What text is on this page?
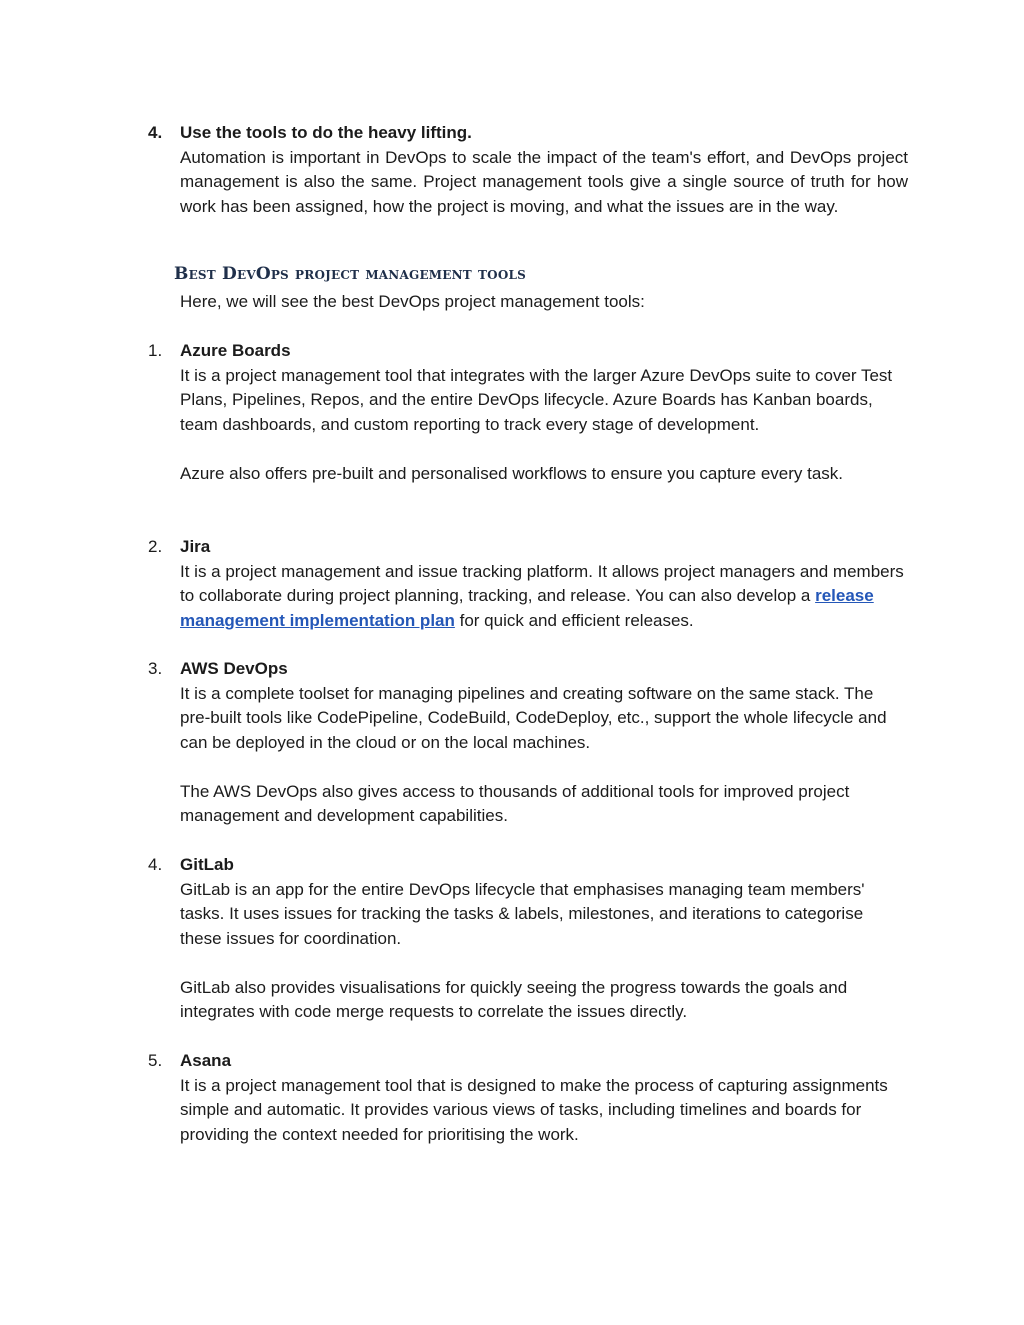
4.	Use the tools to do the heavy lifting.

Automation is important in DevOps to scale the impact of the team's effort, and DevOps project management is also the same. Project management tools give a single source of truth for how work has been assigned, how the project is moving, and what the issues are in the way.

Best DevOps project management tools
Here, we will see the best DevOps project management tools:
1.	Azure Boards

It is a project management tool that integrates with the larger Azure DevOps suite to cover Test Plans, Pipelines, Repos, and the entire DevOps lifecycle. Azure Boards has Kanban boards, team dashboards, and custom reporting to track every stage of development.

Azure also offers pre-built and personalised workflows to ensure you capture every task.

2.	Jira

It is a project management and issue tracking platform. It allows project managers and members to collaborate during project planning, tracking, and release. You can also develop a release management implementation plan for quick and efficient releases.

3.	AWS DevOps

It is a complete toolset for managing pipelines and creating software on the same stack. The pre-built tools like CodePipeline, CodeBuild, CodeDeploy, etc., support the whole lifecycle and can be deployed in the cloud or on the local machines.

The AWS DevOps also gives access to thousands of additional tools for improved project management and development capabilities.

4.	GitLab

GitLab is an app for the entire DevOps lifecycle that emphasises managing team members' tasks. It uses issues for tracking the tasks & labels, milestones, and iterations to categorise these issues for coordination.

GitLab also provides visualisations for quickly seeing the progress towards the goals and integrates with code merge requests to correlate the issues directly.

5.	Asana

It is a project management tool that is designed to make the process of capturing assignments simple and automatic. It provides various views of tasks, including timelines and boards for providing the context needed for prioritising the work.
